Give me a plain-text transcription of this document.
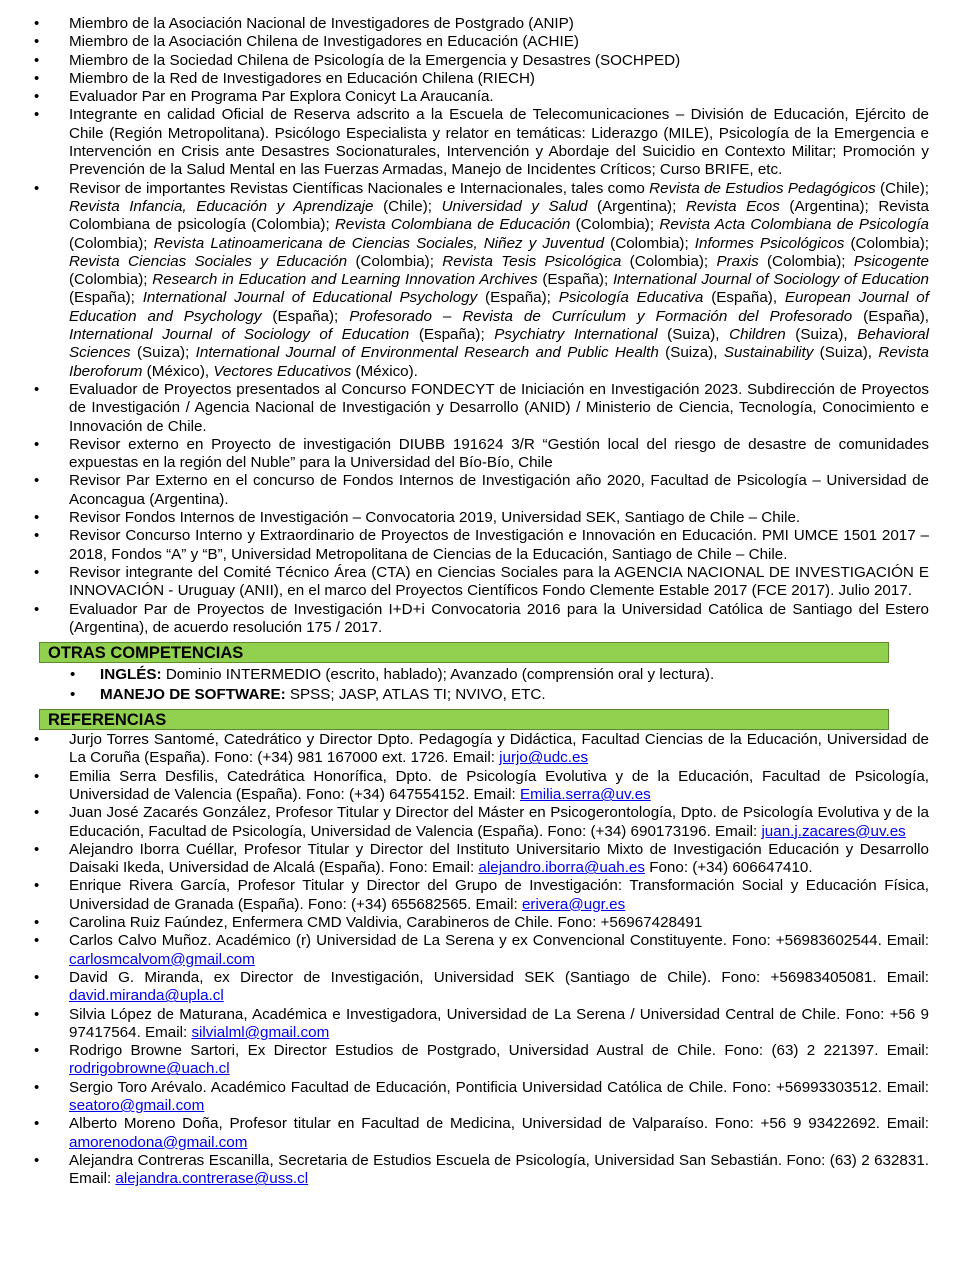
• Miembro de la Asociación Nacional de Investigadores de Postgrado (ANIP)
• Miembro de la Asociación Chilena de Investigadores en Educación (ACHIE)
• Miembro de la Sociedad Chilena de Psicología de la Emergencia y Desastres (SOCHPED)
• Miembro de la Red de Investigadores en Educación Chilena (RIECH)
• Evaluador Par en Programa Par Explora Conicyt La Araucanía.
• Integrante en calidad Oficial de Reserva adscrito a la Escuela de Telecomunicaciones – División de Educación, Ejército de Chile (Región Metropolitana). Psicólogo Especialista y relator en temáticas: Liderazgo (MILE), Psicología de la Emergencia e Intervención en Crisis ante Desastres Socionaturales, Intervención y Abordaje del Suicidio en Contexto Militar; Promoción y Prevención de la Salud Mental en las Fuerzas Armadas, Manejo de Incidentes Críticos; Curso BRIFE, etc.
• Revisor de importantes Revistas Científicas Nacionales e Internacionales, tales como Revista de Estudios Pedagógicos (Chile); Revista Infancia, Educación y Aprendizaje (Chile); Universidad y Salud (Argentina); Revista Ecos (Argentina); Revista Colombiana de psicología (Colombia); Revista Colombiana de Educación (Colombia); Revista Acta Colombiana de Psicología (Colombia); Revista Latinoamericana de Ciencias Sociales, Niñez y Juventud (Colombia); Informes Psicológicos (Colombia); Revista Ciencias Sociales y Educación (Colombia); Revista Tesis Psicológica (Colombia); Praxis (Colombia); Psicogente (Colombia); Research in Education and Learning Innovation Archives (España); International Journal of Sociology of Education (España); International Journal of Educational Psychology (España); Psicología Educativa (España), European Journal of Education and Psychology (España); Profesorado – Revista de Currículum y Formación del Profesorado (España), International Journal of Sociology of Education (España); Psychiatry International (Suiza), Children (Suiza), Behavioral Sciences (Suiza); International Journal of Environmental Research and Public Health (Suiza), Sustainability (Suiza), Revista Iberoforum (México), Vectores Educativos (México).
• Evaluador de Proyectos presentados al Concurso FONDECYT de Iniciación en Investigación 2023. Subdirección de Proyectos de Investigación / Agencia Nacional de Investigación y Desarrollo (ANID) / Ministerio de Ciencia, Tecnología, Conocimiento e Innovación de Chile.
• Revisor externo en Proyecto de investigación DIUBB 191624 3/R “Gestión local del riesgo de desastre de comunidades expuestas en la región del Nuble” para la Universidad del Bío-Bío, Chile
• Revisor Par Externo en el concurso de Fondos Internos de Investigación año 2020, Facultad de Psicología – Universidad de Aconcagua (Argentina).
• Revisor Fondos Internos de Investigación – Convocatoria 2019, Universidad SEK, Santiago de Chile – Chile.
• Revisor Concurso Interno y Extraordinario de Proyectos de Investigación e Innovación en Educación. PMI UMCE 1501 2017 – 2018, Fondos “A” y “B”, Universidad Metropolitana de Ciencias de la Educación, Santiago de Chile – Chile.
• Revisor integrante del Comité Técnico Área (CTA) en Ciencias Sociales para la AGENCIA NACIONAL DE INVESTIGACIÓN E INNOVACIÓN - Uruguay (ANII), en el marco del Proyectos Científicos Fondo Clemente Estable 2017 (FCE 2017). Julio 2017.
• Evaluador Par de Proyectos de Investigación I+D+i Convocatoria 2016 para la Universidad Católica de Santiago del Estero (Argentina), de acuerdo resolución 175 / 2017.
OTRAS COMPETENCIAS
• INGLÉS: Dominio INTERMEDIO (escrito, hablado); Avanzado (comprensión oral y lectura).
• MANEJO DE SOFTWARE: SPSS; JASP, ATLAS TI; NVIVO, ETC.
REFERENCIAS
• Jurjo Torres Santomé, Catedrático y Director Dpto. Pedagogía y Didáctica, Facultad Ciencias de la Educación, Universidad de La Coruña (España). Fono: (+34) 981 167000 ext. 1726. Email: jurjo@udc.es
• Emilia Serra Desfilis, Catedrática Honorífica, Dpto. de Psicología Evolutiva y de la Educación, Facultad de Psicología, Universidad de Valencia (España). Fono: (+34) 647554152. Email: Emilia.serra@uv.es
• Juan José Zacarés González, Profesor Titular y Director del Máster en Psicogerontología, Dpto. de Psicología Evolutiva y de la Educación, Facultad de Psicología, Universidad de Valencia (España). Fono: (+34) 690173196. Email: juan.j.zacares@uv.es
• Alejandro Iborra Cuéllar, Profesor Titular y Director del Instituto Universitario Mixto de Investigación Educación y Desarrollo Daisaki Ikeda, Universidad de Alcalá (España). Fono: Email: alejandro.iborra@uah.es Fono: (+34) 606647410.
• Enrique Rivera García, Profesor Titular y Director del Grupo de Investigación: Transformación Social y Educación Física, Universidad de Granada (España). Fono: (+34) 655682565. Email: erivera@ugr.es
• Carolina Ruiz Faúndez, Enfermera CMD Valdivia, Carabineros de Chile. Fono: +56967428491
• Carlos Calvo Muñoz. Académico (r) Universidad de La Serena y ex Convencional Constituyente. Fono: +56983602544. Email: carlosmcalvom@gmail.com
• David G. Miranda, ex Director de Investigación, Universidad SEK (Santiago de Chile). Fono: +56983405081. Email: david.miranda@upla.cl
• Silvia López de Maturana, Académica e Investigadora, Universidad de La Serena / Universidad Central de Chile. Fono: +56 9 97417564. Email: silvialml@gmail.com
• Rodrigo Browne Sartori, Ex Director Estudios de Postgrado, Universidad Austral de Chile. Fono: (63) 2 221397. Email: rodrigobrowne@uach.cl
• Sergio Toro Arévalo. Académico Facultad de Educación, Pontificia Universidad Católica de Chile. Fono: +56993303512. Email: seatoro@gmail.com
• Alberto Moreno Doña, Profesor titular en Facultad de Medicina, Universidad de Valparaíso. Fono: +56 9 93422692. Email: amorenodona@gmail.com
• Alejandra Contreras Escanilla, Secretaria de Estudios Escuela de Psicología, Universidad San Sebastián. Fono: (63) 2 632831. Email: alejandra.contrerase@uss.cl
